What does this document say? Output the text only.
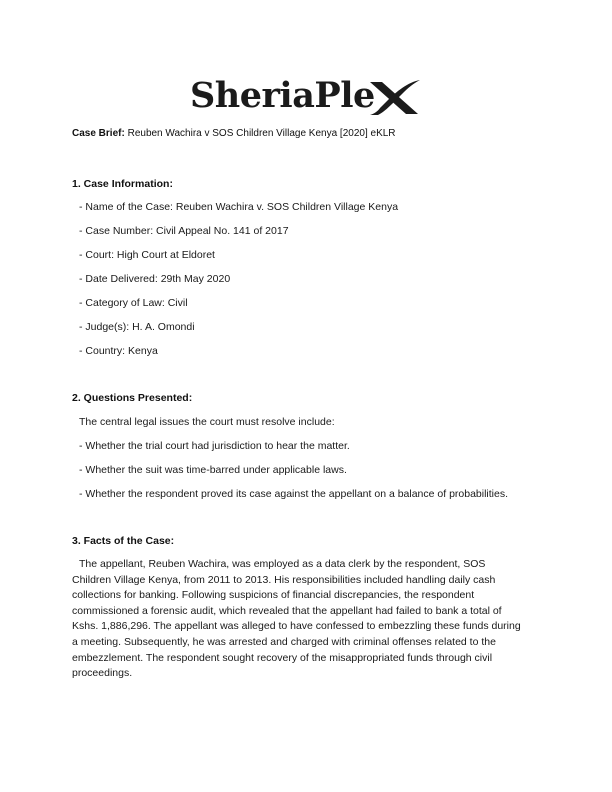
SheriaPle
Case Brief: Reuben Wachira v SOS Children Village Kenya [2020] eKLR
1. Case Information:
- Name of the Case: Reuben Wachira v. SOS Children Village Kenya
- Case Number: Civil Appeal No. 141 of 2017
- Court: High Court at Eldoret
- Date Delivered: 29th May 2020
- Category of Law: Civil
- Judge(s): H. A. Omondi
- Country: Kenya
2. Questions Presented:
The central legal issues the court must resolve include:
- Whether the trial court had jurisdiction to hear the matter.
- Whether the suit was time-barred under applicable laws.
- Whether the respondent proved its case against the appellant on a balance of probabilities.
3. Facts of the Case:
The appellant, Reuben Wachira, was employed as a data clerk by the respondent, SOS
Children Village Kenya, from 2011 to 2013. His responsibilities included handling daily cash
collections for banking. Following suspicions of financial discrepancies, the respondent
commissioned a forensic audit, which revealed that the appellant had failed to bank a total of
Kshs. 1,886,296. The appellant was alleged to have confessed to embezzling these funds during
a meeting. Subsequently, he was arrested and charged with criminal offenses related to the
embezzlement. The respondent sought recovery of the misappropriated funds through civil
proceedings.
